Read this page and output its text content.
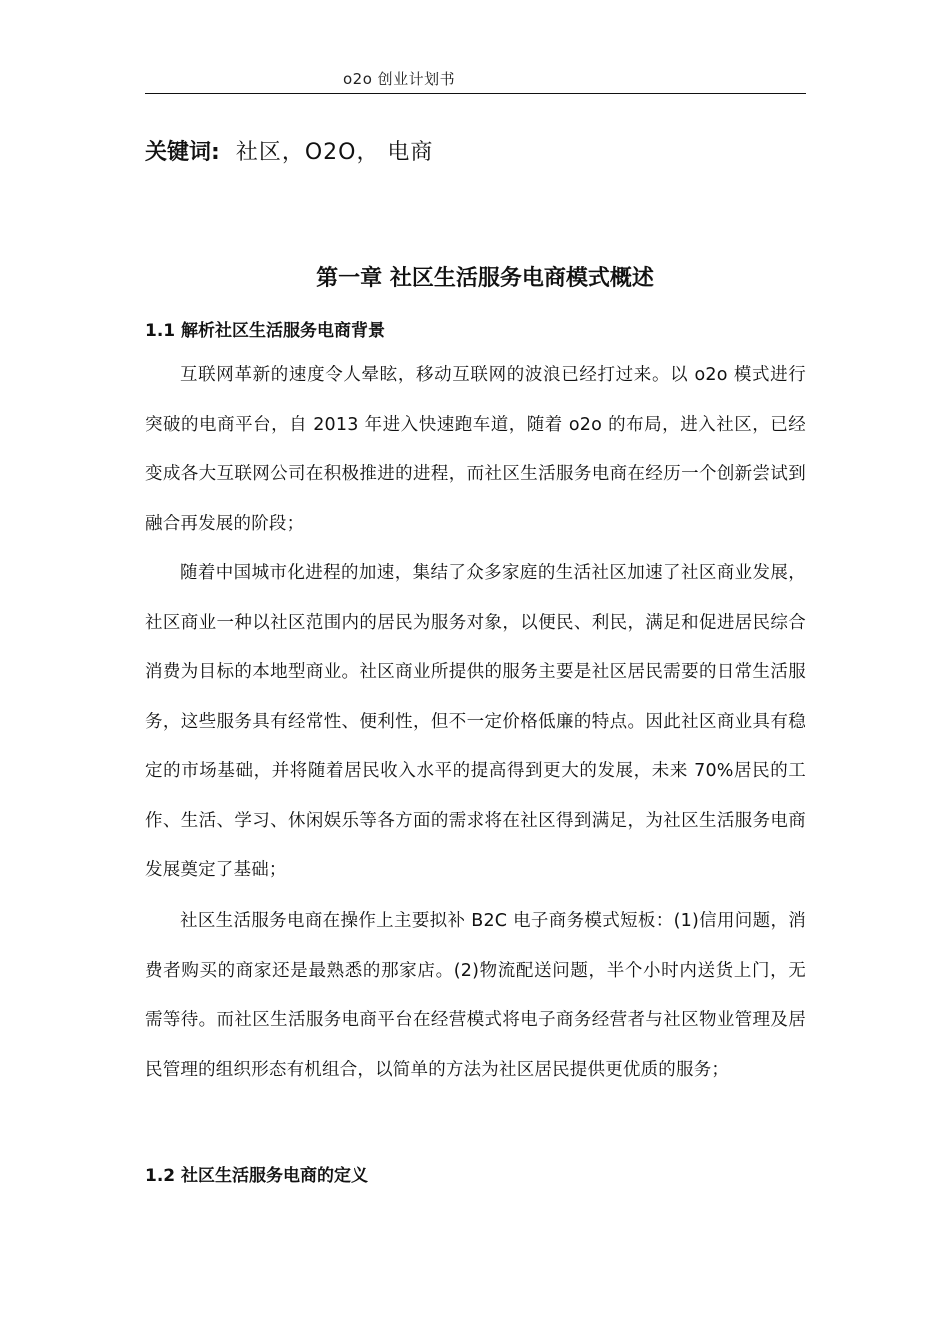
o2o 创业计划书
关键词: 社区，O2O， 电商
第一章 社区生活服务电商模式概述
1.1 解析社区生活服务电商背景
互联网革新的速度令人晕眩，移动互联网的波浪已经打过来。以 o2o 模式进行突破的电商平台，自 2013 年进入快速跑车道，随着 o2o 的布局，进入社区，已经变成各大互联网公司在积极推进的进程，而社区生活服务电商在经历一个创新尝试到融合再发展的阶段；
随着中国城市化进程的加速，集结了众多家庭的生活社区加速了社区商业发展，社区商业一种以社区范围内的居民为服务对象，以便民、利民，满足和促进居民综合消费为目标的本地型商业。社区商业所提供的服务主要是社区居民需要的日常生活服务，这些服务具有经常性、便利性，但不一定价格低廉的特点。因此社区商业具有稳定的市场基础，并将随着居民收入水平的提高得到更大的发展，未来 70%居民的工作、生活、学习、休闲娱乐等各方面的需求将在社区得到满足，为社区生活服务电商发展奠定了基础；
社区生活服务电商在操作上主要拟补 B2C 电子商务模式短板：(1)信用问题，消费者购买的商家还是最熟悉的那家店。(2)物流配送问题，半个小时内送货上门，无需等待。而社区生活服务电商平台在经营模式将电子商务经营者与社区物业管理及居民管理的组织形态有机组合，以简单的方法为社区居民提供更优质的服务；
1.2 社区生活服务电商的定义
